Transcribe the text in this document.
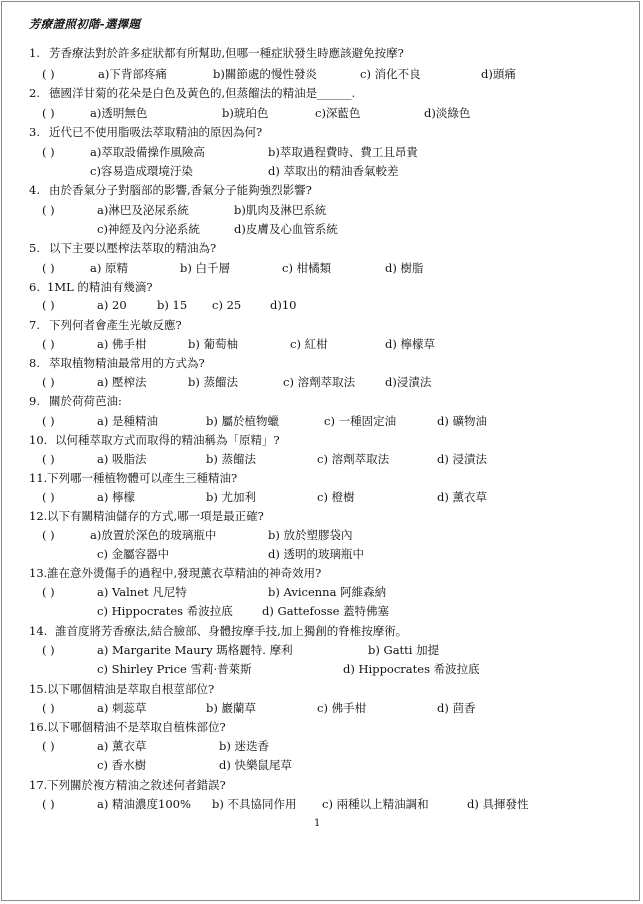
芳療證照初階-選擇題
1. 芳香療法對於許多症狀都有所幫助,但哪一種症狀發生時應該避免按摩?
( )	a)下背部疼痛	b)關節處的慢性發炎	c) 消化不良	d)頭痛
2. 德國洋甘菊的花朵是白色及黃色的,但蒸餾法的精油是______.
( )	a)透明無色	b)琥珀色	c)深藍色	d)淡綠色
3. 近代已不使用脂吸法萃取精油的原因為何?
( )	a)萃取設備操作風險高	b)萃取過程費時、費工且昂貴
c)容易造成環境汙染	d) 萃取出的精油香氣較差
4. 由於香氣分子對腦部的影響,香氣分子能夠強烈影響?
( )	a)淋巴及泌尿系統	b)肌肉及淋巴系統
c)神經及內分泌系統	d)皮膚及心血管系統
5. 以下主要以壓榨法萃取的精油為?
( )	a) 原精	b) 白千層	c) 柑橘類	d) 樹脂
6. 1ML 的精油有幾滴?
( )	a) 20	b) 15 c) 25	d)10
7. 下列何者會產生光敏反應?
( )	a) 佛手柑	b) 葡萄柚	c) 紅柑	d) 檸檬草
8. 萃取植物精油最常用的方式為?
( )	a) 壓榨法	b) 蒸餾法	c) 溶劑萃取法	d)浸漬法
9. 關於荷荷芭油:
( )	a) 是種精油	b) 屬於植物蠟	c) 一種固定油	d) 礦物油
10. 以何種萃取方式而取得的精油稱為「原精」?
( )	a) 吸脂法	b) 蒸餾法	c) 溶劑萃取法	d) 浸漬法
11. 下列哪一種植物體可以產生三種精油?
( )	a) 檸檬	b) 尤加利	c) 橙樹	d) 薰衣草
12. 以下有關精油儲存的方式,哪一項是最正確?
( )	a)放置於深色的玻璃瓶中	b) 放於塑膠袋內
c) 金屬容器中	d) 透明的玻璃瓶中
13. 誰在意外燙傷手的過程中,發現薰衣草精油的神奇效用?
( )	a) Valnet 凡尼特	b) Avicenna 阿維森納
c) Hippocrates 希波拉底	d) Gattefosse 蓋特佛塞
14. 誰首度將芳香療法,結合臉部、身體按摩手技,加上獨創的脊椎按摩術。
( )	a) Margarite Maury 瑪格麗特. 摩利	b) Gatti 加提
c) Shirley Price 雪莉·普萊斯	d) Hippocrates 希波拉底
15. 以下哪個精油是萃取自根莖部位?
( )	a) 刺蕊草	b) 巖蘭草	c) 佛手柑	d) 茴香
16. 以下哪個精油不是萃取自植株部位?
( )	a) 薰衣草	b) 迷迭香
c) 香水樹	d) 快樂鼠尾草
17. 下列關於複方精油之敘述何者錯誤?
( )	a) 精油濃度100% b) 不具協同作用 c) 兩種以上精油調和	d) 具揮發性
1
